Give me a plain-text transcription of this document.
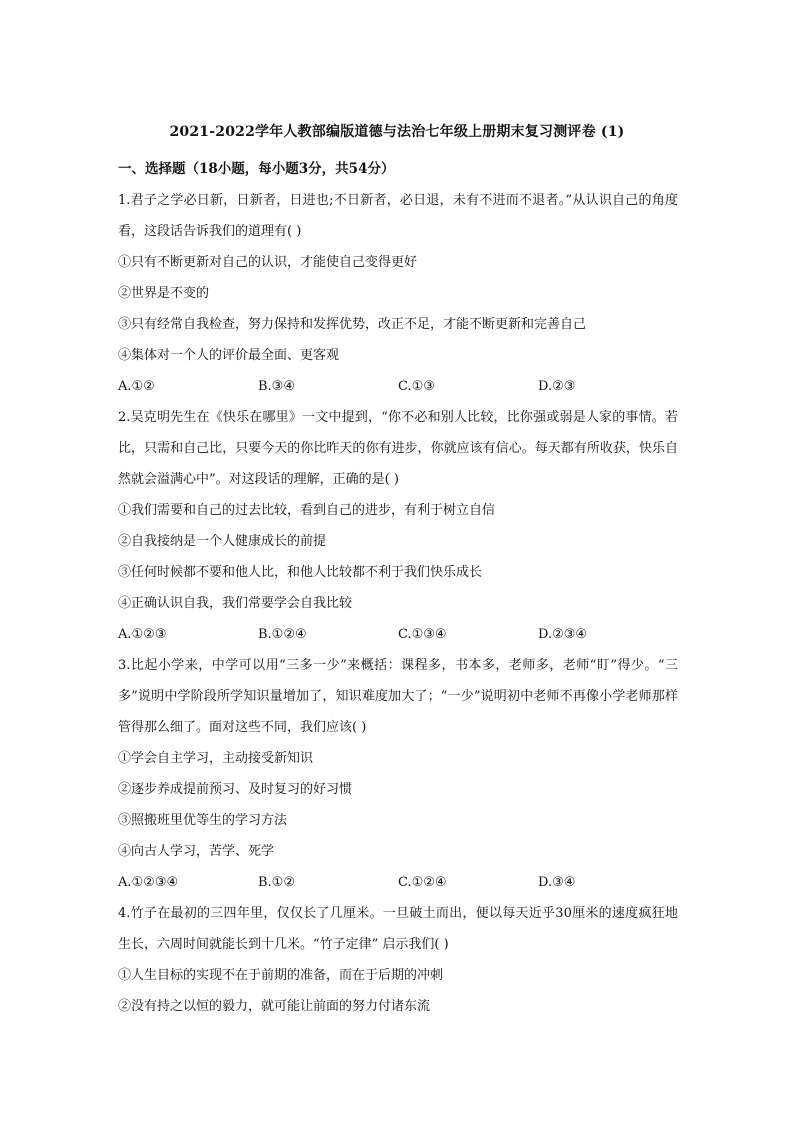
2021-2022学年人教部编版道德与法治七年级上册期末复习测评卷 (1)
一、选择题（18小题，每小题3分，共54分）
1.君子之学必日新，日新者，日进也;不日新者，必日退，未有不进而不退者。”从认识自己的角度看，这段话告诉我们的道理有( )
①只有不断更新对自己的认识，才能使自己变得更好
②世界是不变的
③只有经常自我检查，努力保持和发挥优势，改正不足，才能不断更新和完善自己
④集体对一个人的评价最全面、更客观
A.①②	B.③④	C.①③	D.②③
2.吴克明先生在《快乐在哪里》一文中提到，“你不必和别人比较，比你强或弱是人家的事情。若比，只需和自己比，只要今天的你比昨天的你有进步，你就应该有信心。每天都有所收获，快乐自然就会溢满心中”。对这段话的理解，正确的是( )
①我们需要和自己的过去比较，看到自己的进步，有利于树立自信
②自我接纳是一个人健康成长的前提
③任何时候都不要和他人比，和他人比较都不利于我们快乐成长
④正确认识自我，我们常要学会自我比较
A.①②③	B.①②④	C.①③④	D.②③④
3.比起小学来，中学可以用“三多一少”来概括：课程多，书本多，老师多，老师“盯”得少。“三多”说明中学阶段所学知识量增加了，知识难度加大了；“一少”说明初中老师不再像小学老师那样管得那么细了。面对这些不同，我们应该( )
①学会自主学习，主动接受新知识
②逐步养成提前预习、及时复习的好习惯
③照搬班里优等生的学习方法
④向古人学习，苦学、死学
A.①②③④	B.①②	C.①②④	D.③④
4.竹子在最初的三四年里，仅仅长了几厘米。一旦破土而出，便以每天近乎30厘米的速度疯狂地生长，六周时间就能长到十几米。“竹子定律” 启示我们( )
①人生目标的实现不在于前期的准备，而在于后期的冲刺
②没有持之以恒的毅力，就可能让前面的努力付诸东流
